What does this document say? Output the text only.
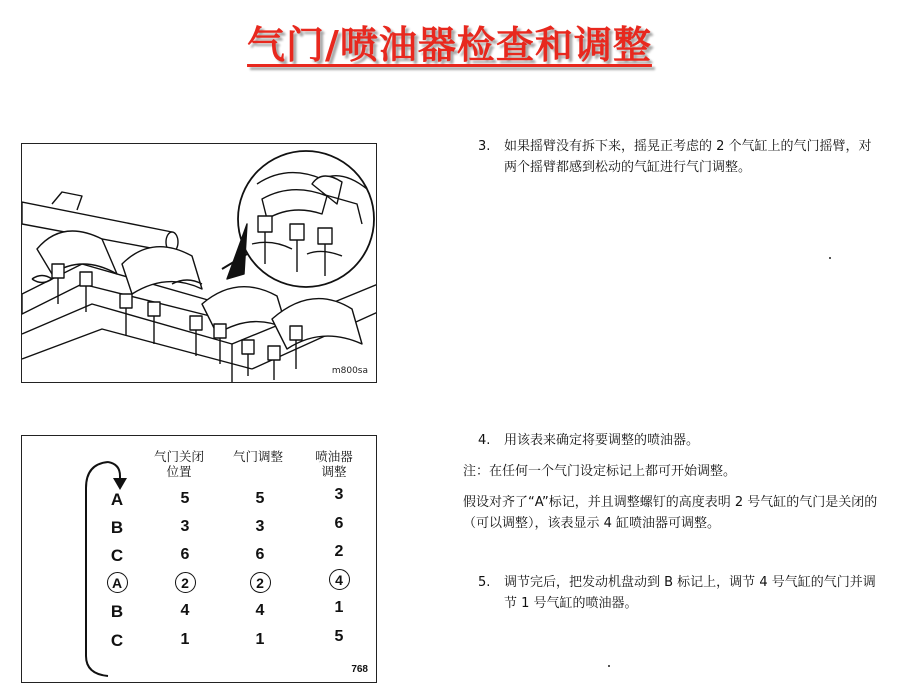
气门/喷油器检查和调整
m800sa
气门关闭
位置
气门调整	喷油器
调整
A	5	5	3
B	3	3	6
C	6	6	2
A	2	2	4
B	4	4	1
C	1	1	5
768
3. 如果摇臂没有拆下来，摇晃正考虑的 2 个气缸上的气门摇臂，对两个摇臂都感到松动的气缸进行气门调整。
4. 用该表来确定将要调整的喷油器。
注：在任何一个气门设定标记上都可开始调整。
假设对齐了“A”标记，并且调整螺钉的高度表明 2 号气缸的气门是关闭的（可以调整），该表显示 4 缸喷油器可调整。
5. 调节完后，把发动机盘动到 B 标记上，调节 4 号气缸的气门并调节 1 号气缸的喷油器。
